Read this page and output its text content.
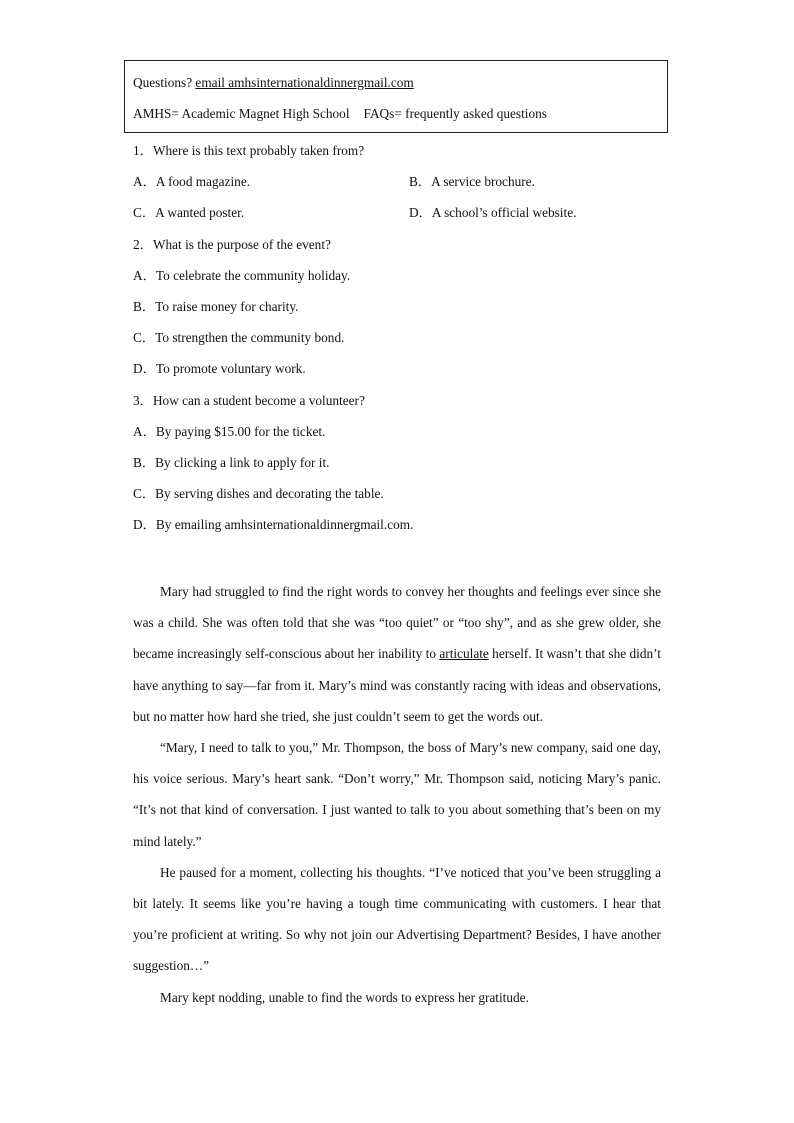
Questions? email amhsinternationaldinnergmail.com
AMHS= Academic Magnet High School FAQs= frequently asked questions
1．Where is this text probably taken from?
A．A food magazine.	B．A service brochure.
C．A wanted poster.	D．A school’s official website.
2．What is the purpose of the event?
A．To celebrate the community holiday.
B．To raise money for charity.
C．To strengthen the community bond.
D．To promote voluntary work.
3．How can a student become a volunteer?
A．By paying $15.00 for the ticket.
B．By clicking a link to apply for it.
C．By serving dishes and decorating the table.
D．By emailing amhsinternationaldinnergmail.com.

Mary had struggled to find the right words to convey her thoughts and feelings ever since she was a child. She was often told that she was “too quiet” or “too shy”, and as she grew older, she became increasingly self-conscious about her inability to articulate herself. It wasn’t that she didn’t have anything to say—far from it. Mary’s mind was constantly racing with ideas and observations, but no matter how hard she tried, she just couldn’t seem to get the words out.

“Mary, I need to talk to you,” Mr. Thompson, the boss of Mary’s new company, said one day, his voice serious. Mary’s heart sank. “Don’t worry,” Mr. Thompson said, noticing Mary’s panic. “It’s not that kind of conversation. I just wanted to talk to you about something that’s been on my mind lately.”

He paused for a moment, collecting his thoughts. “I’ve noticed that you’ve been struggling a bit lately. It seems like you’re having a tough time communicating with customers. I hear that you’re proficient at writing. So why not join our Advertising Department? Besides, I have another suggestion…”

Mary kept nodding, unable to find the words to express her gratitude.
